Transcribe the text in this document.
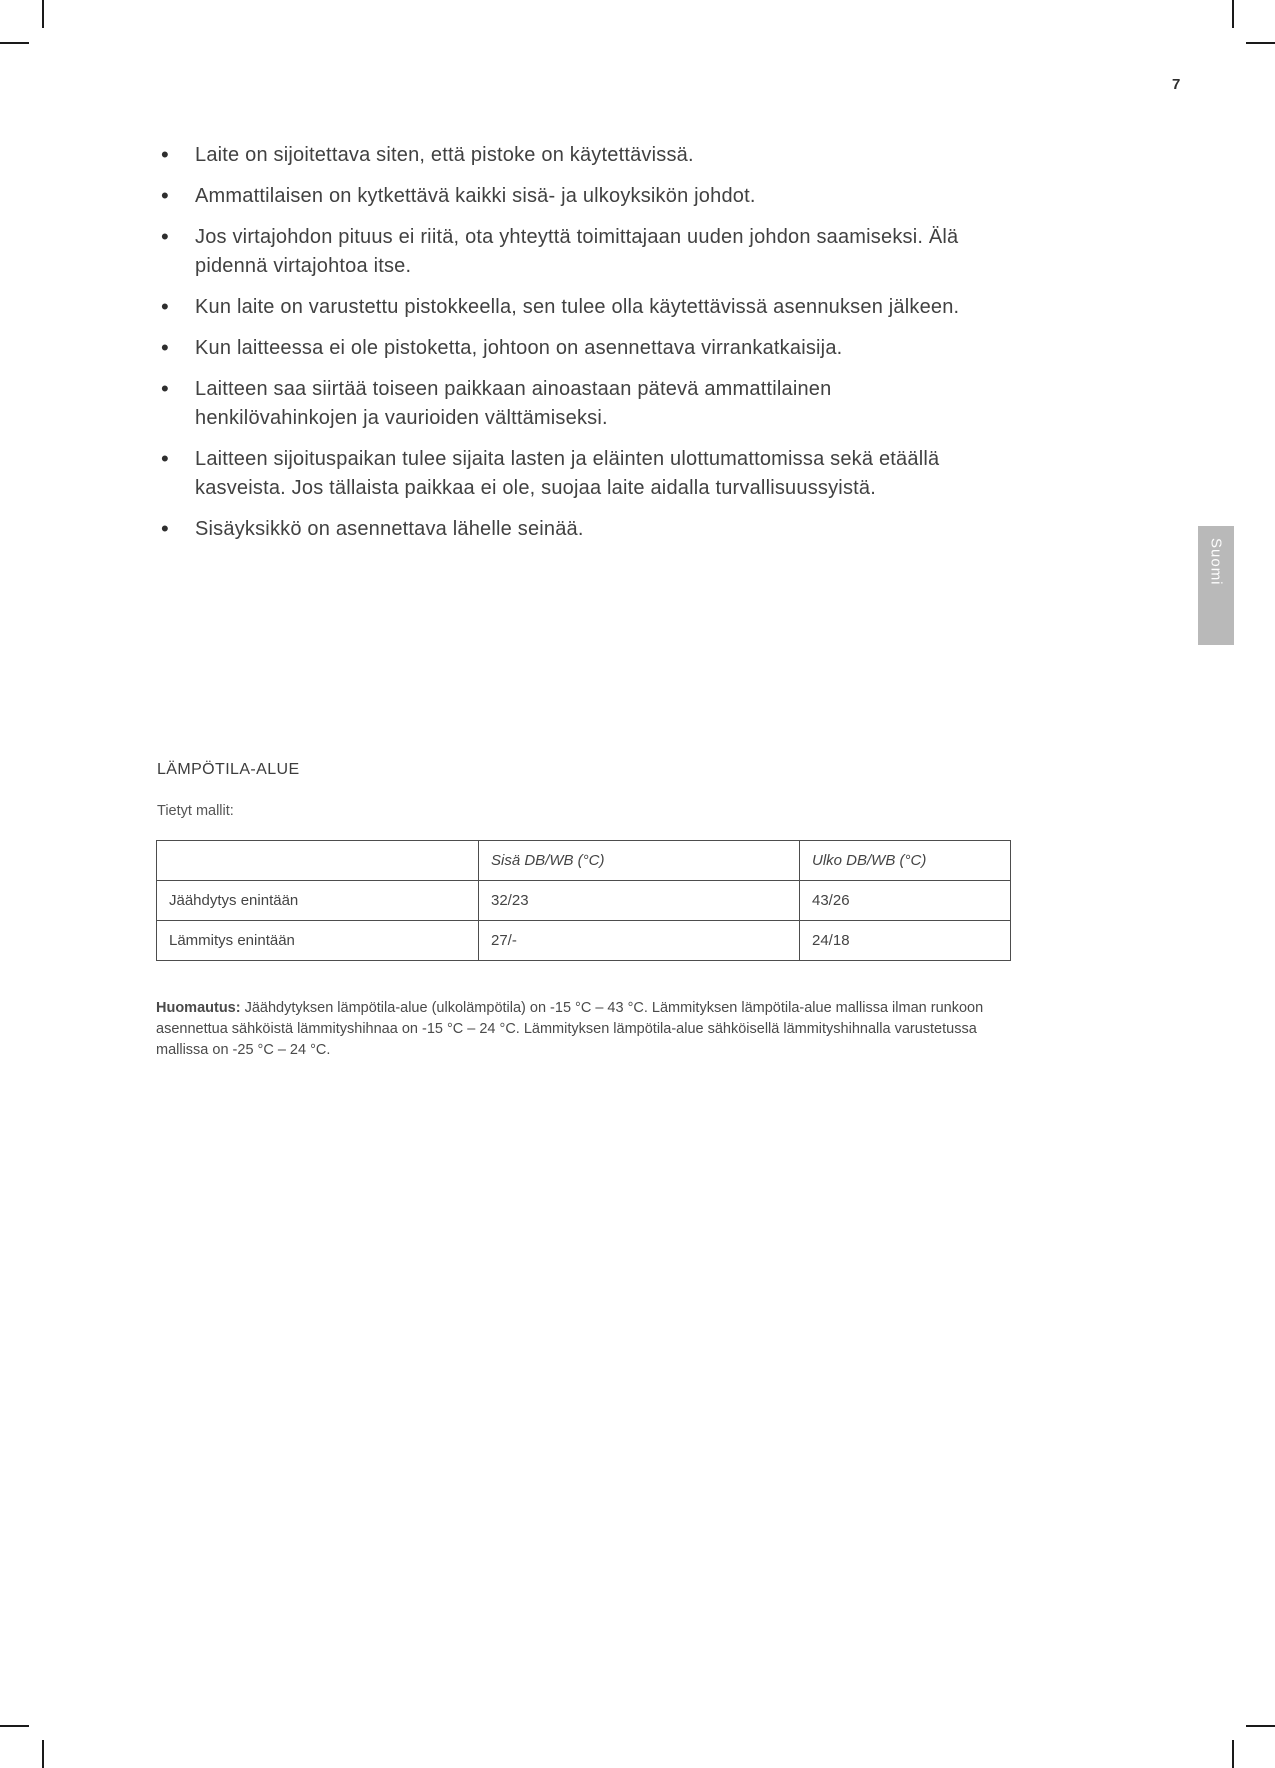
7
Suomi
• Laite on sijoitettava siten, että pistoke on käytettävissä.
• Ammattilaisen on kytkettävä kaikki sisä- ja ulkoyksikön johdot.
• Jos virtajohdon pituus ei riitä, ota yhteyttä toimittajaan uuden johdon saamiseksi. Älä pidennä virtajohtoa itse.
• Kun laite on varustettu pistokkeella, sen tulee olla käytettävissä asennuksen jälkeen.
• Kun laitteessa ei ole pistoketta, johtoon on asennettava virrankatkaisija.
• Laitteen saa siirtää toiseen paikkaan ainoastaan pätevä ammattilainen henkilövahinkojen ja vaurioiden välttämiseksi.
• Laitteen sijoituspaikan tulee sijaita lasten ja eläinten ulottumattomissa sekä etäällä kasveista. Jos tällaista paikkaa ei ole, suojaa laite aidalla turvallisuussyistä.
• Sisäyksikkö on asennettava lähelle seinää.
LÄMPÖTILA-ALUE
Tietyt mallit:
	Sisä DB/WB (°C)	Ulko DB/WB (°C)
Jäähdytys enintään	32/23	43/26
Lämmitys enintään	27/-	24/18

Huomautus: Jäähdytyksen lämpötila-alue (ulkolämpötila) on -15 °C – 43 °C. Lämmityksen lämpötila-alue mallissa ilman runkoon asennettua sähköistä lämmityshihnaa on -15 °C – 24 °C. Lämmityksen lämpötila-alue sähköisellä lämmityshihnalla varustetussa mallissa on -25 °C – 24 °C.
